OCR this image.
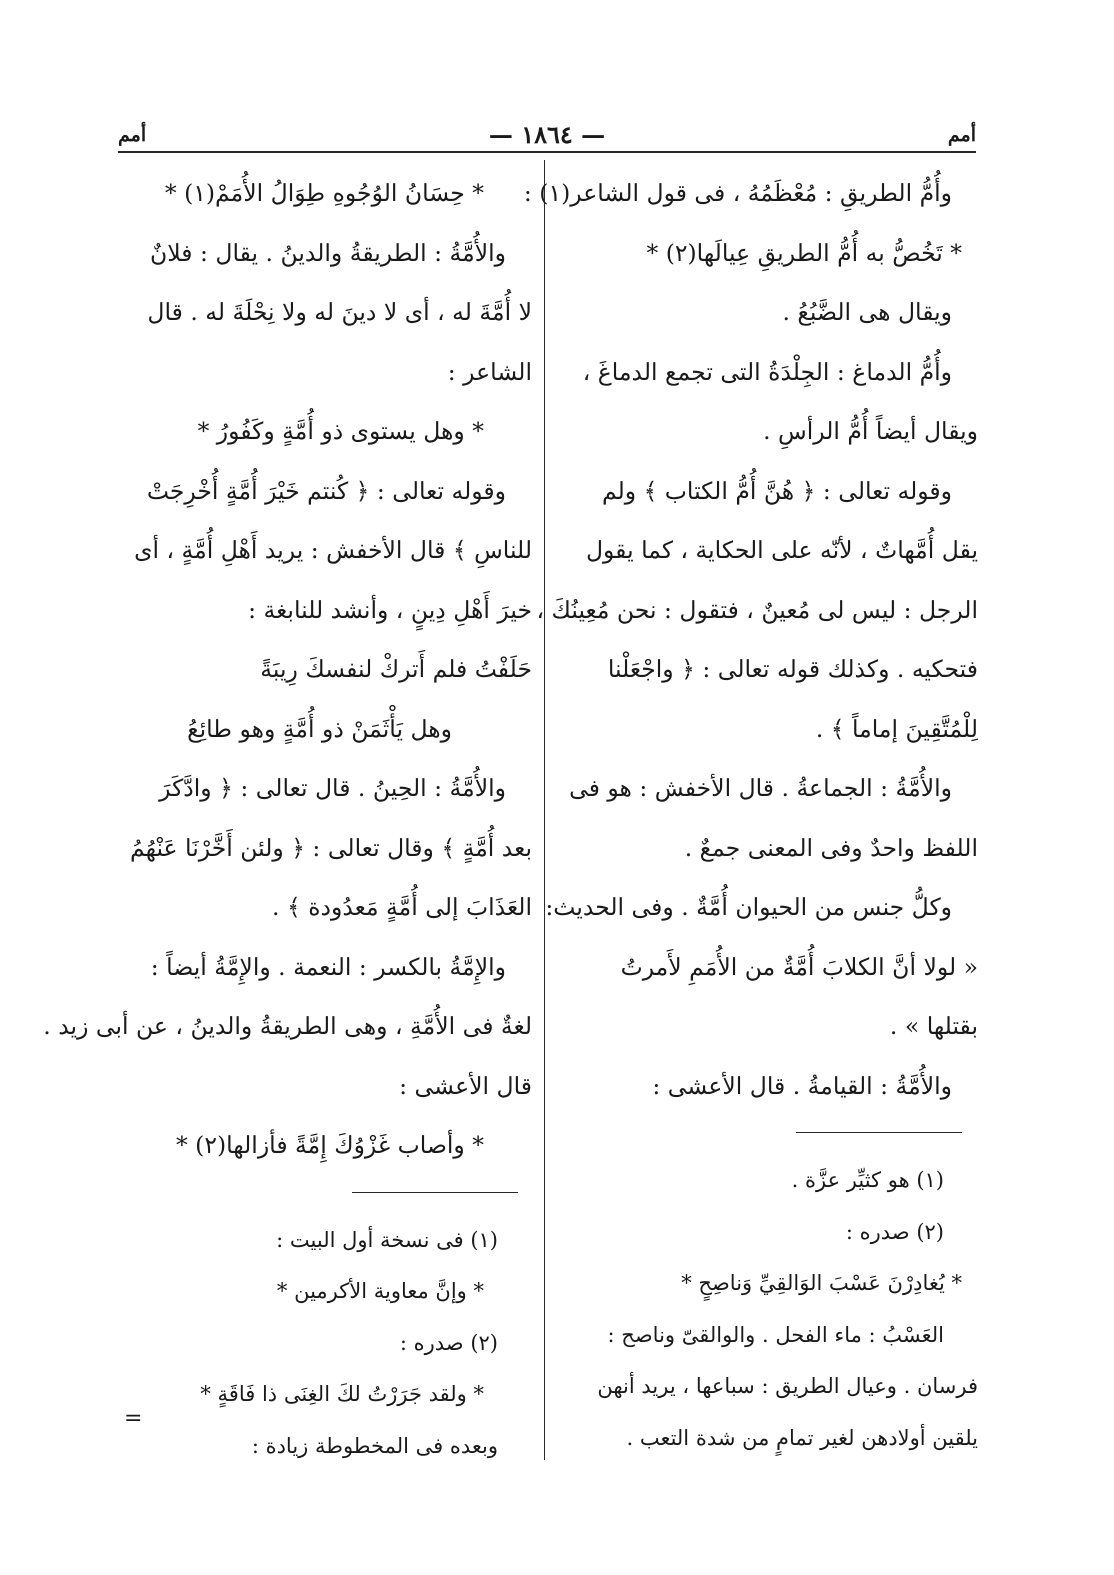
أمم
— ١٨٦٤ —
أمم
وأُمُّ الطريقِ : مُعْظَمُهُ ، فى قول الشاعر(١) :
* تَخُصُّ به أُمُّ الطريقِ عِيالَها(٢) *
ويقال هى الضَّبُعُ .
وأُمُّ الدماغ : الجِلْدَةُ التى تجمع الدماغَ ،
ويقال أيضاً أُمُّ الرأسِ .
وقوله تعالى : ﴿ هُنَّ أُمُّ الكتاب ﴾ ولم
يقل أُمَّهاتٌ ، لأنّه على الحكاية ، كما يقول
الرجل : ليس لى مُعينٌ ، فتقول : نحن مُعِينُكَ ،
فتحكيه . وكذلك قوله تعالى : ﴿ واجْعَلْنا
لِلْمُتَّقِينَ إماماً ﴾ .
والأُمَّةُ : الجماعةُ . قال الأخفش : هو فى
اللفظ واحدٌ وفى المعنى جمعٌ .
وكلُّ جنس من الحيوان أُمَّةٌ . وفى الحديث:
« لولا أنَّ الكلابَ أُمَّةٌ من الأُمَمِ لأَمرتُ
بقتلها » .
والأُمَّةُ : القيامةُ . قال الأعشى :
(١) هو كثيِّر عزَّة .
(٢) صدره :
* يُغادِرْنَ عَسْبَ الوَالقِيِّ وَناصِحٍ *
العَسْبُ : ماء الفحل . والوالقىّ وناصح :
فرسان . وعيال الطريق : سباعها ، يريد أنهن
يلقين أولادهن لغير تمامٍ من شدة التعب .
* حِسَانُ الوُجُوهِ طِوَالُ الأُمَمْ(١) *
والأُمَّةُ : الطريقةُ والدينُ . يقال : فلانٌ
لا أُمَّةَ له ، أى لا دينَ له ولا نِحْلَةَ له . قال
الشاعر :
* وهل يستوى ذو أُمَّةٍ وكَفُورُ *
وقوله تعالى : ﴿ كُنتم خَيْرَ أُمَّةٍ أُخْرِجَتْ
للناسِ ﴾ قال الأخفش : يريد أَهْلِ أُمَّةٍ ، أى
خيرَ أَهْلِ دِينٍ ، وأنشد للنابغة :
حَلَفْتُ فلم أَتركْ لنفسكَ رِيبَةً
وهل يَأْثَمَنْ ذو أُمَّةٍ وهو طائِعُ
والأُمَّةُ : الحِينُ . قال تعالى : ﴿ وادَّكَرَ
بعد أُمَّةٍ ﴾ وقال تعالى : ﴿ ولئن أَخَّرْنَا عَنْهُمُ
العَذَابَ إلى أُمَّةٍ مَعدُودة ﴾ .
والإِمَّةُ بالكسر : النعمة . والإِمَّةُ أيضاً :
لغةٌ فى الأُمَّةِ ، وهى الطريقةُ والدينُ ، عن أبى زيد .
قال الأعشى :
* وأصاب غَزْوُكَ إِمَّةً فأزالها(٢) *
(١) فى نسخة أول البيت :
* وإنَّ معاوية الأكرمين *
(٢) صدره :
* ولقد جَرَرْتُ لكَ الغِنَى ذا فَاقَةٍ *
وبعده فى المخطوطة زيادة :
=
